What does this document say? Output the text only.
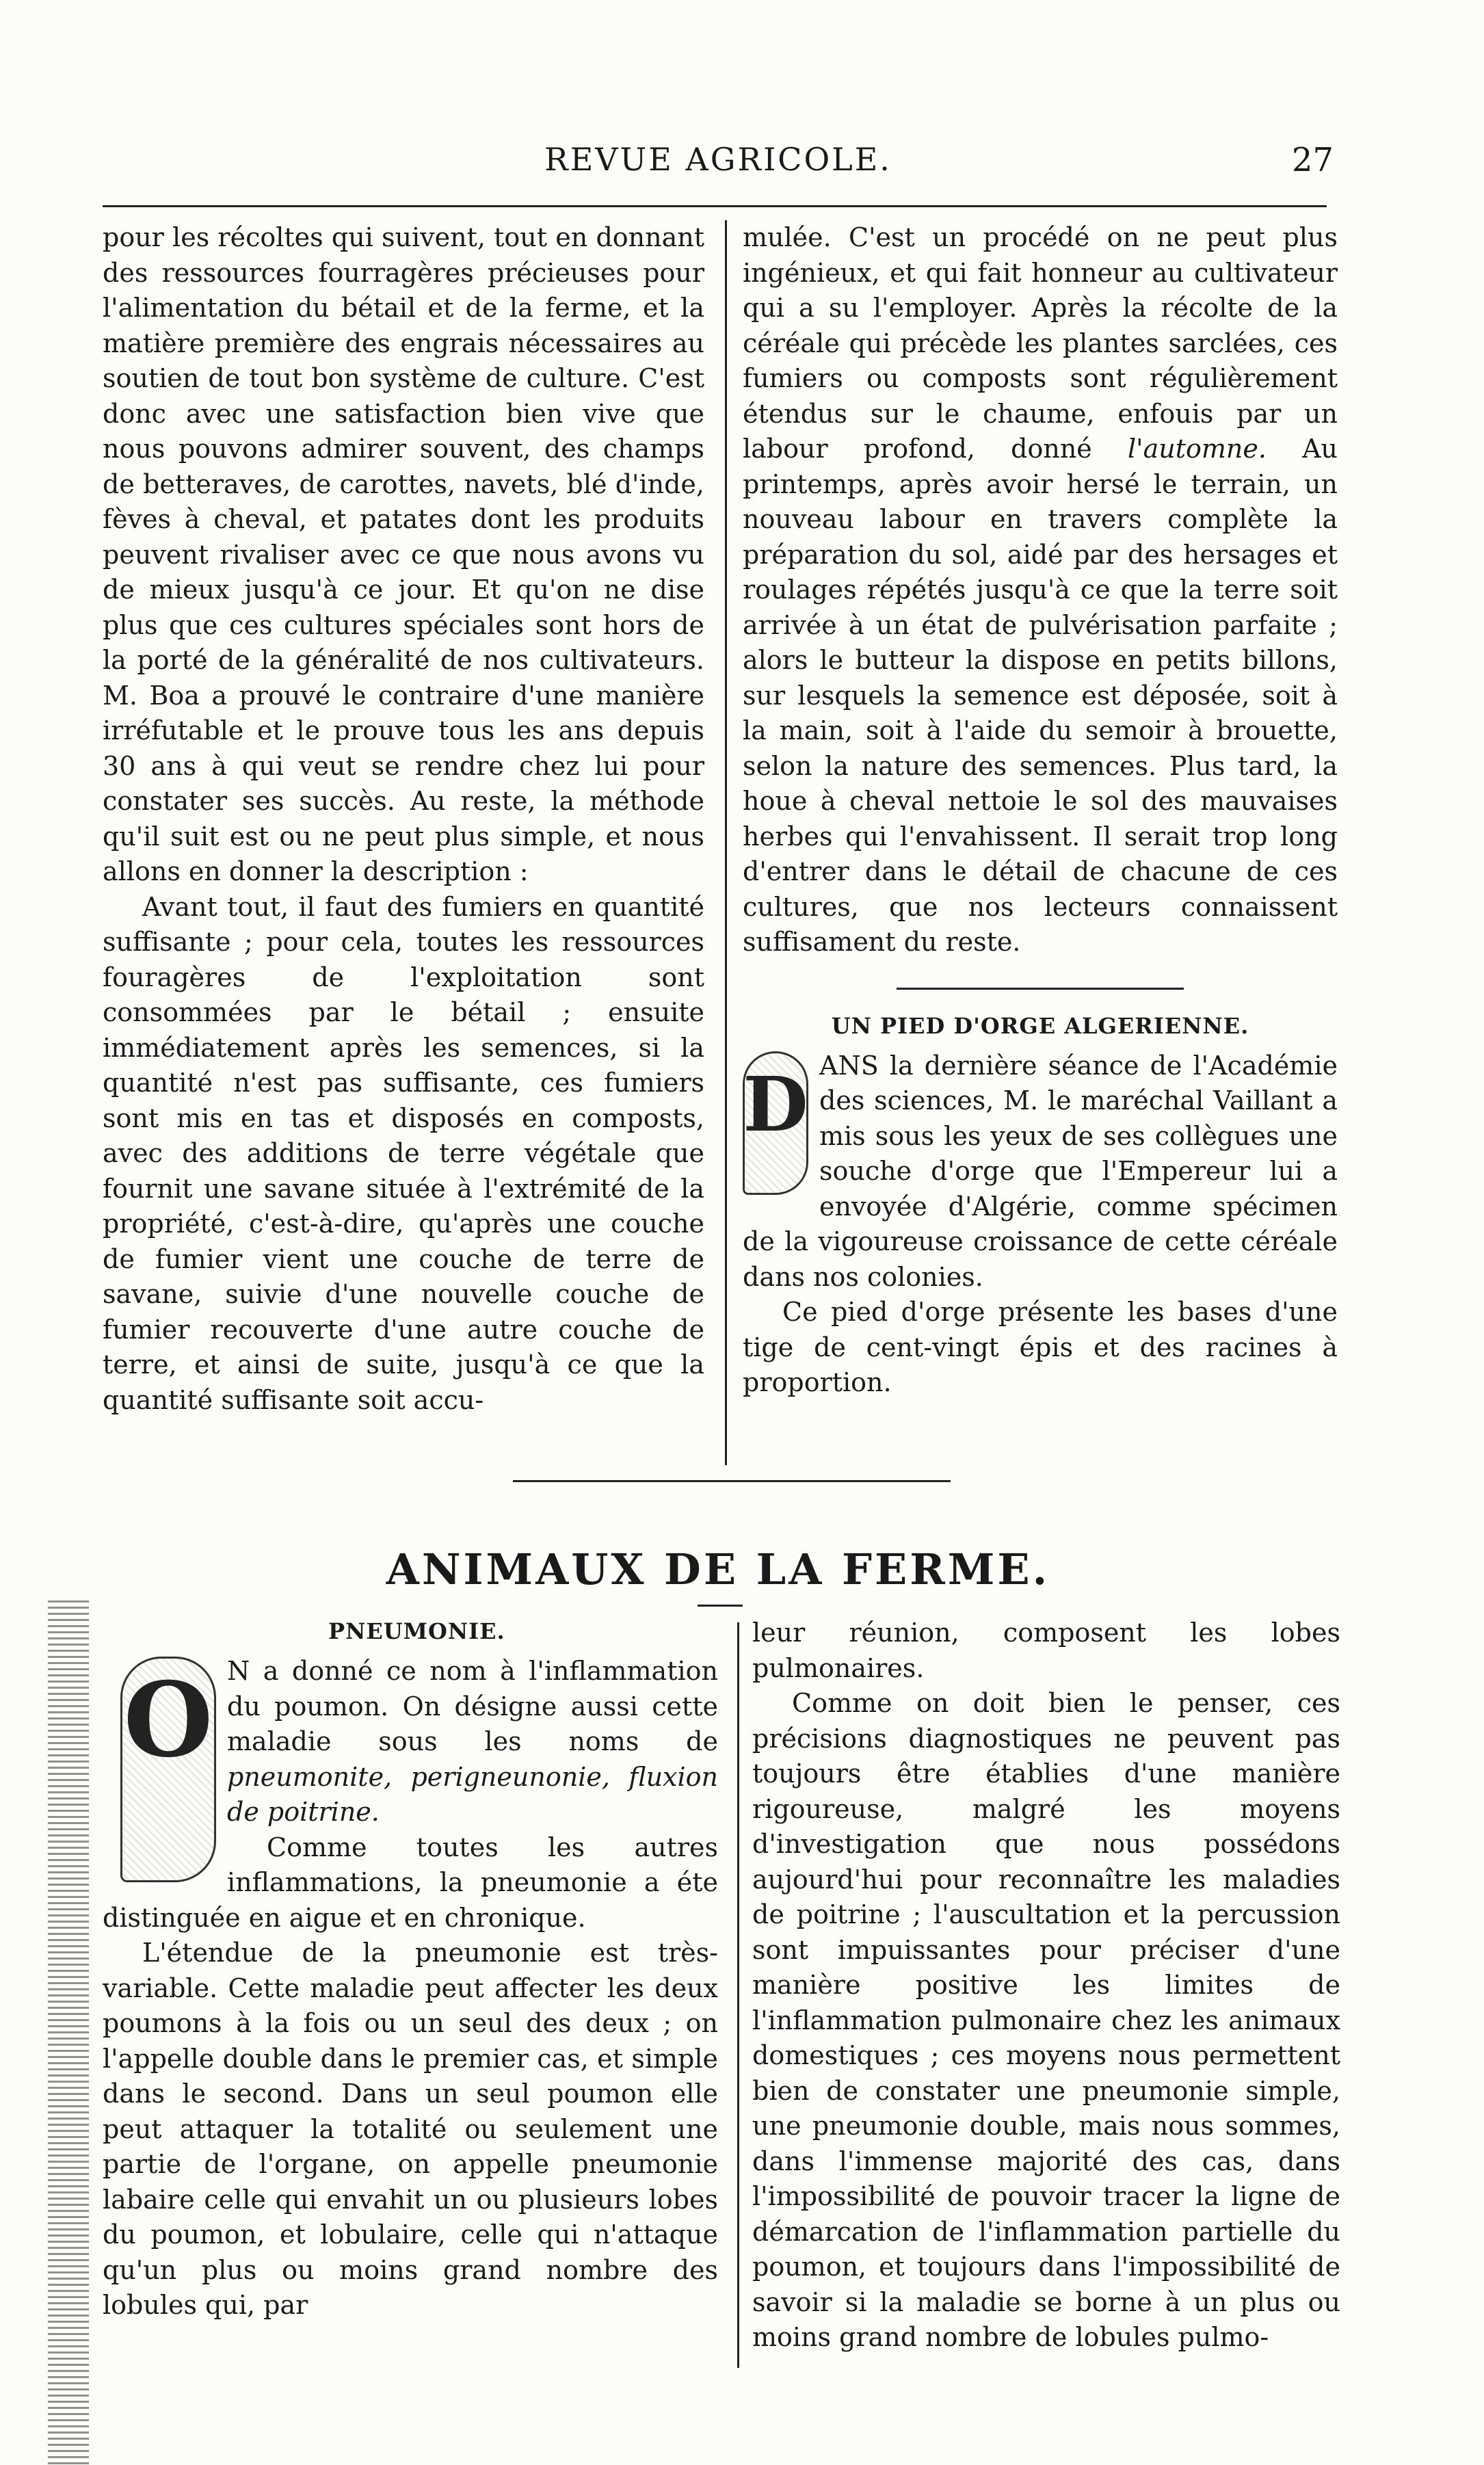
REVUE AGRICOLE.	27

pour les récoltes qui suivent, tout en donnant des ressources fourragères précieuses pour l'alimentation du bétail et de la ferme, et la matière première des engrais nécessaires au soutien de tout bon système de culture. C'est donc avec une satisfaction bien vive que nous pouvons admirer souvent, des champs de betteraves, de carottes, navets, blé d'inde, fèves à cheval, et patates dont les produits peuvent rivaliser avec ce que nous avons vu de mieux jusqu'à ce jour. Et qu'on ne dise plus que ces cultures spéciales sont hors de la porté de la généralité de nos cultivateurs. M. Boa a prouvé le contraire d'une manière irréfutable et le prouve tous les ans depuis 30 ans à qui veut se rendre chez lui pour constater ses succès. Au reste, la méthode qu'il suit est ou ne peut plus simple, et nous allons en donner la description :

Avant tout, il faut des fumiers en quantité suffisante ; pour cela, toutes les ressources fouragères de l'exploitation sont consommées par le bétail ; ensuite immédiatement après les semences, si la quantité n'est pas suffisante, ces fumiers sont mis en tas et disposés en composts, avec des additions de terre végétale que fournit une savane située à l'extrémité de la propriété, c'est-à-dire, qu'après une couche de fumier vient une couche de terre de savane, suivie d'une nouvelle couche de fumier recouverte d'une autre couche de terre, et ainsi de suite, jusqu'à ce que la quantité suffisante soit accu-

mulée. C'est un procédé on ne peut plus ingénieux, et qui fait honneur au cultivateur qui a su l'employer. Après la récolte de la céréale qui précède les plantes sarclées, ces fumiers ou composts sont régulièrement étendus sur le chaume, enfouis par un labour profond, donné l'automne. Au printemps, après avoir hersé le terrain, un nouveau labour en travers complète la préparation du sol, aidé par des hersages et roulages répétés jusqu'à ce que la terre soit arrivée à un état de pulvérisation parfaite ; alors le butteur la dispose en petits billons, sur lesquels la semence est déposée, soit à la main, soit à l'aide du semoir à brouette, selon la nature des semences. Plus tard, la houe à cheval nettoie le sol des mauvaises herbes qui l'envahissent. Il serait trop long d'entrer dans le détail de chacune de ces cultures, que nos lecteurs connaissent suffisament du reste.

UN PIED D'ORGE ALGERIENNE.
D ANS la dernière séance de l'Académie des sciences, M. le maréchal Vaillant a mis sous les yeux de ses collègues une souche d'orge que l'Empereur lui a envoyée d'Algérie, comme spécimen de la vigoureuse croissance de cette céréale dans nos colonies.

Ce pied d'orge présente les bases d'une tige de cent-vingt épis et des racines à proportion.

ANIMAUX DE LA FERME.
PNEUMONIE.
O N a donné ce nom à l'inflammation du poumon. On désigne aussi cette maladie sous les noms de pneumonite, perigneunonie, fluxion de poitrine.

Comme toutes les autres inflammations, la pneumonie a éte distinguée en aigue et en chronique.

L'étendue de la pneumonie est très-variable. Cette maladie peut affecter les deux poumons à la fois ou un seul des deux ; on l'appelle double dans le premier cas, et simple dans le second. Dans un seul poumon elle peut attaquer la totalité ou seulement une partie de l'organe, on appelle pneumonie labaire celle qui envahit un ou plusieurs lobes du poumon, et lobulaire, celle qui n'attaque qu'un plus ou moins grand nombre des lobules qui, par

leur réunion, composent les lobes pulmonaires.

Comme on doit bien le penser, ces précisions diagnostiques ne peuvent pas toujours être établies d'une manière rigoureuse, malgré les moyens d'investigation que nous possédons aujourd'hui pour reconnaître les maladies de poitrine ; l'auscultation et la percussion sont impuissantes pour préciser d'une manière positive les limites de l'inflammation pulmonaire chez les animaux domestiques ; ces moyens nous permettent bien de constater une pneumonie simple, une pneumonie double, mais nous sommes, dans l'immense majorité des cas, dans l'impossibilité de pouvoir tracer la ligne de démarcation de l'inflammation partielle du poumon, et toujours dans l'impossibilité de savoir si la maladie se borne à un plus ou moins grand nombre de lobules pulmo-
